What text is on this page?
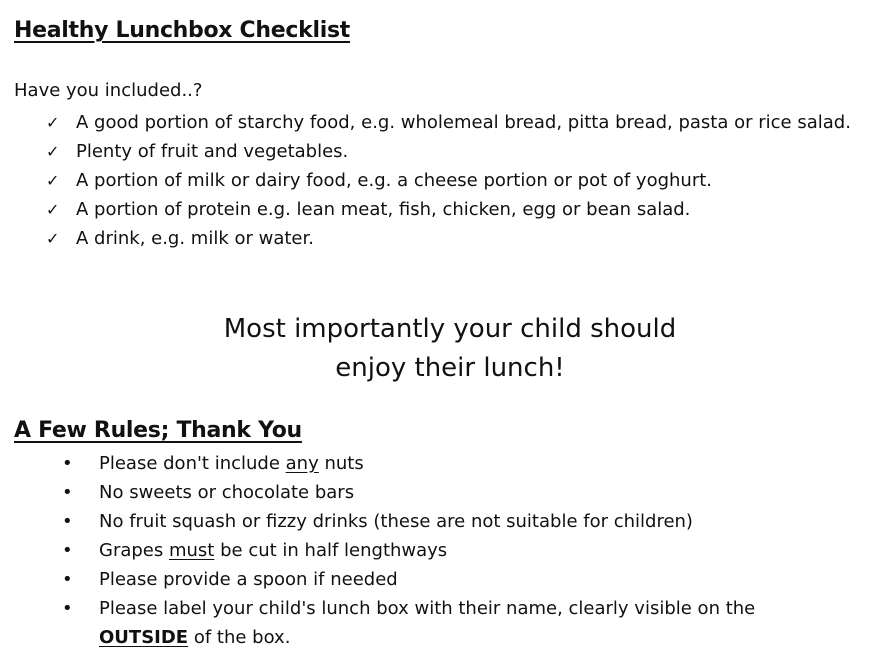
Healthy Lunchbox Checklist

Have you included..?

✓ A good portion of starchy food, e.g. wholemeal bread, pitta bread, pasta or rice salad.
✓ Plenty of fruit and vegetables.
✓ A portion of milk or dairy food, e.g. a cheese portion or pot of yoghurt.
✓ A portion of protein e.g. lean meat, fish, chicken, egg or bean salad.
✓ A drink, e.g. milk or water.
Most importantly your child should
enjoy their lunch!
A Few Rules; Thank You
• Please don't include any nuts
• No sweets or chocolate bars
• No fruit squash or fizzy drinks (these are not suitable for children)
• Grapes must be cut in half lengthways
• Please provide a spoon if needed
• Please label your child's lunch box with their name, clearly visible on the OUTSIDE of the box.
